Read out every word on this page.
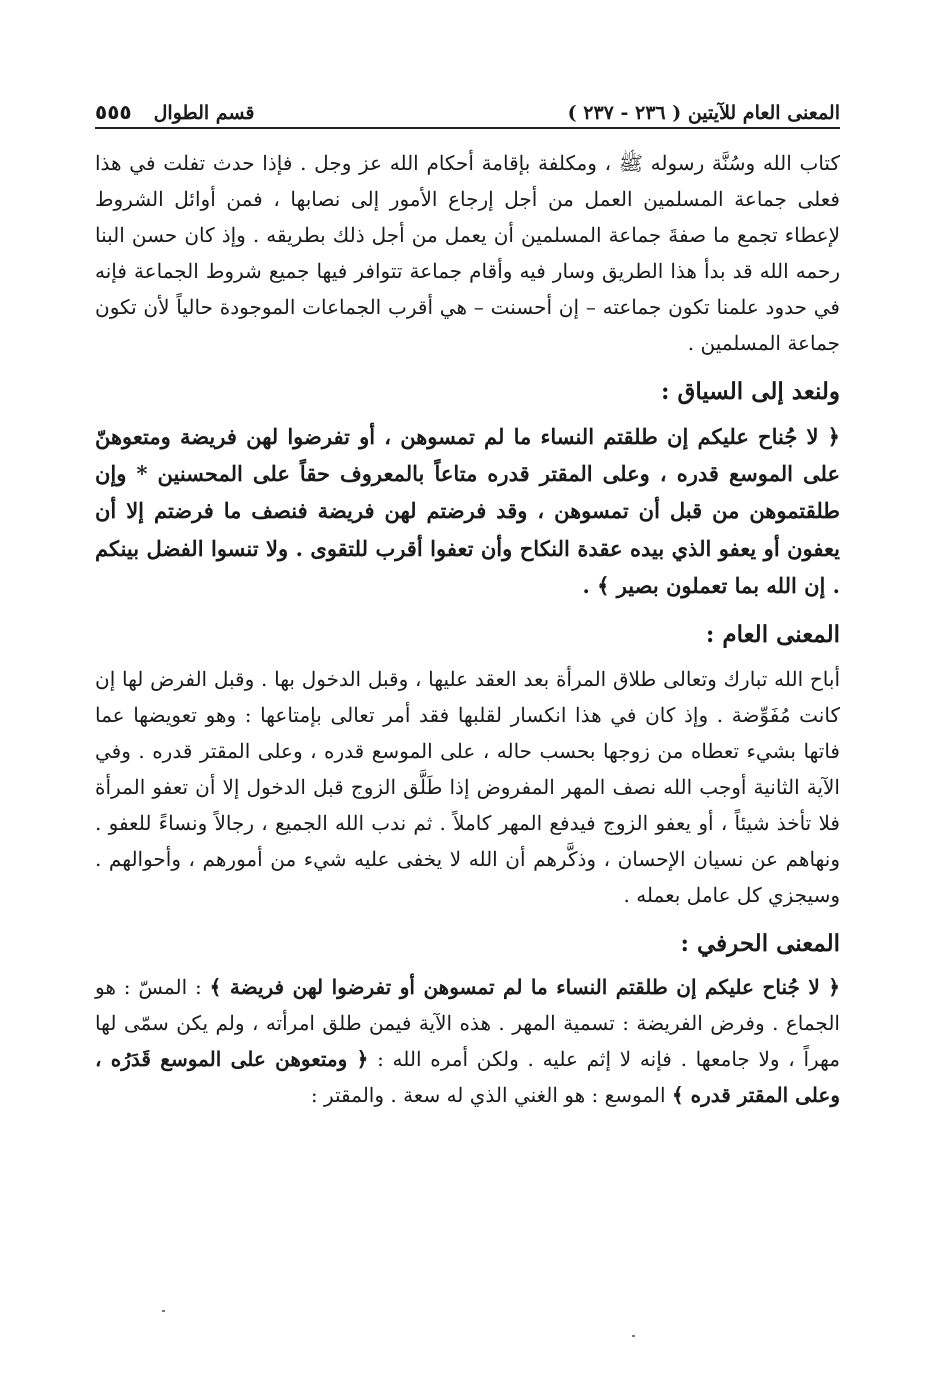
المعنى العام للآيتين ( ٢٣٦ - ٢٣٧ )
قسم الطوال
٥٥٥

كتاب الله وسُنَّة رسوله ﷺ ، ومكلفة بإقامة أحكام الله عز وجل . فإذا حدث تفلت في هذا فعلى جماعة المسلمين العمل من أجل إرجاع الأمور إلى نصابها ، فمن أوائل الشروط لإعطاء تجمع ما صفةَ جماعة المسلمين أن يعمل من أجل ذلك بطريقه . وإذ كان حسن البنا رحمه الله قد بدأ هذا الطريق وسار فيه وأقام جماعة تتوافر فيها جميع شروط الجماعة فإنه في حدود علمنا تكون جماعته – إن أحسنت – هي أقرب الجماعات الموجودة حالياً لأن تكون جماعة المسلمين .

ولنعد إلى السياق :

﴿ لا جُناح عليكم إن طلقتم النساء ما لم تمسوهن ، أو تفرضوا لهن فريضة ومتعوهنّ على الموسع قدره ، وعلى المقتر قدره متاعاً بالمعروف حقاً على المحسنين * وإن طلقتموهن من قبل أن تمسوهن ، وقد فرضتم لهن فريضة فنصف ما فرضتم إلا أن يعفون أو يعفو الذي بيده عقدة النكاح وأن تعفوا أقرب للتقوى . ولا تنسوا الفضل بينكم . إن الله بما تعملون بصير ﴾ .

المعنى العام :

أباح الله تبارك وتعالى طلاق المرأة بعد العقد عليها ، وقبل الدخول بها . وقبل الفرض لها إن كانت مُفَوِّضة . وإذ كان في هذا انكسار لقلبها فقد أمر تعالى بإمتاعها : وهو تعويضها عما فاتها بشيء تعطاه من زوجها بحسب حاله ، على الموسع قدره ، وعلى المقتر قدره . وفي الآية الثانية أوجب الله نصف المهر المفروض إذا طَلَّق الزوج قبل الدخول إلا أن تعفو المرأة فلا تأخذ شيئاً ، أو يعفو الزوج فيدفع المهر كاملاً . ثم ندب الله الجميع ، رجالاً ونساءً للعفو . ونهاهم عن نسيان الإحسان ، وذكَّرهم أن الله لا يخفى عليه شيء من أمورهم ، وأحوالهم . وسيجزي كل عامل بعمله .

المعنى الحرفي :

﴿ لا جُناح عليكم إن طلقتم النساء ما لم تمسوهن أو تفرضوا لهن فريضة ﴾ : المسّ : هو الجماع . وفرض الفريضة : تسمية المهر . هذه الآية فيمن طلق امرأته ، ولم يكن سمّى لها مهراً ، ولا جامعها . فإنه لا إثم عليه . ولكن أمره الله : ﴿ ومتعوهن على الموسع قَدَرُه ، وعلى المقتر قدره ﴾ الموسع : هو الغني الذي له سعة . والمقتر :
